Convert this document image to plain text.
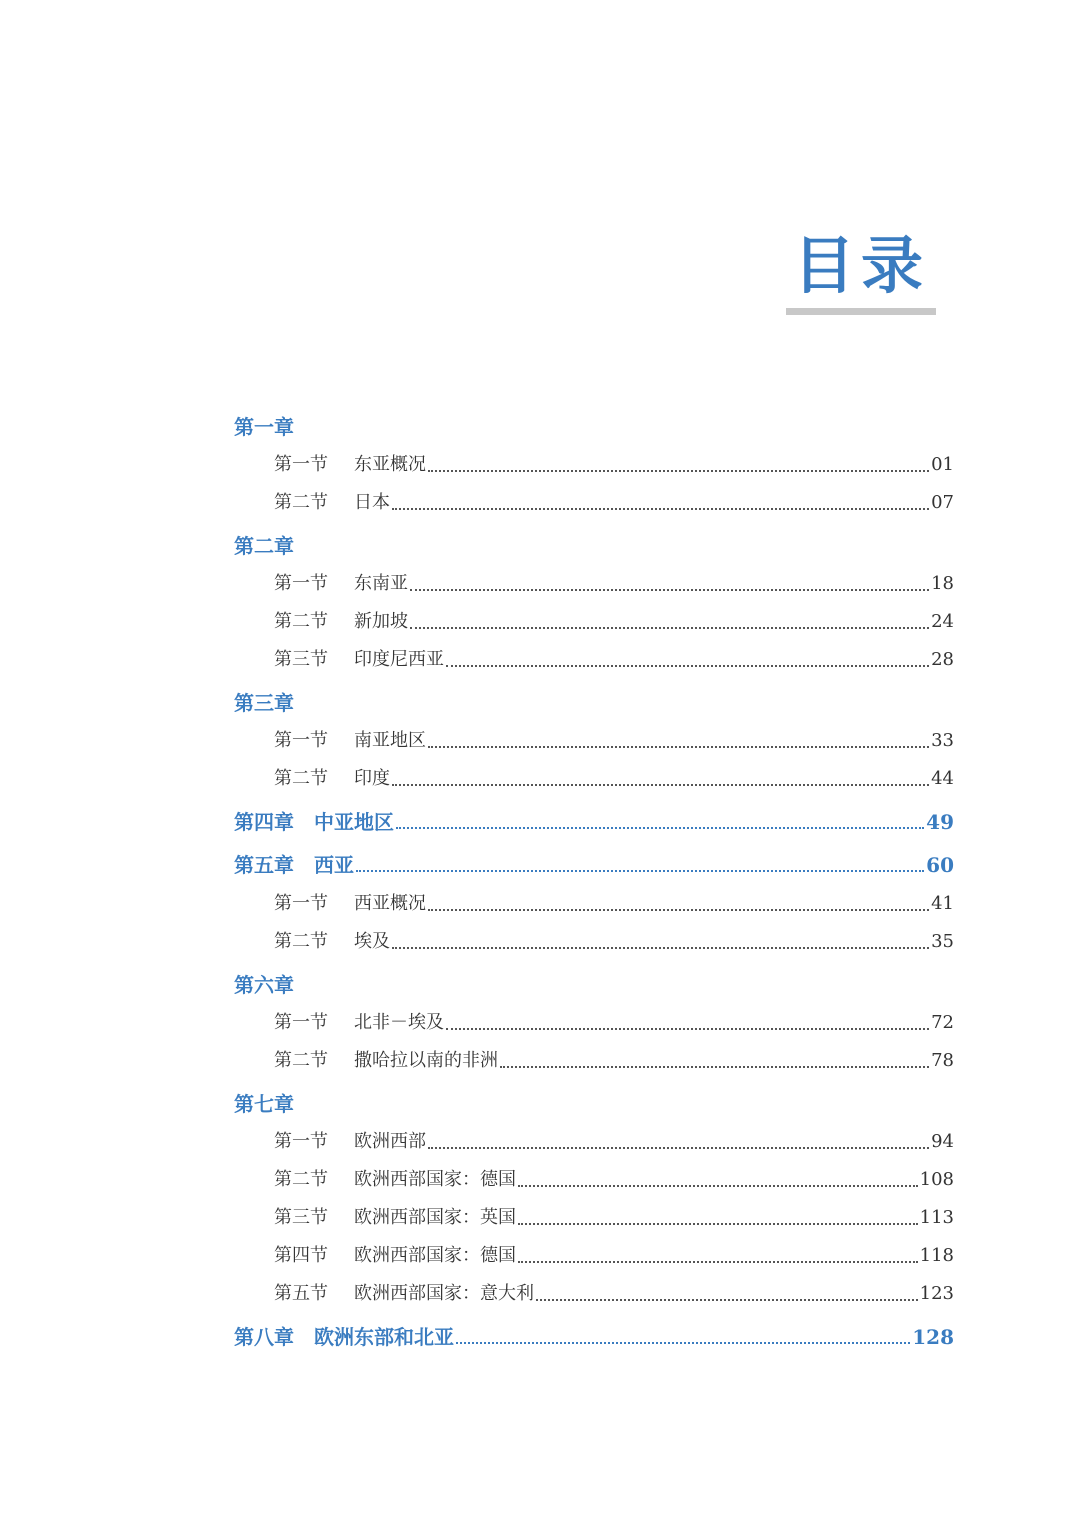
目录
第一章
第一节	东亚概况	01
第二节	日本	07
第二章
第一节	东南亚	18
第二节	新加坡	24
第三节	印度尼西亚	28
第三章
第一节	南亚地区	33
第二节	印度	44
第四章	中亚地区	49
第五章	西亚	60
第一节	西亚概况	41
第二节	埃及	35
第六章
第一节	北非－埃及	72
第二节	撒哈拉以南的非洲	78
第七章
第一节	欧洲西部	94
第二节	欧洲西部国家：德国	108
第三节	欧洲西部国家：英国	113
第四节	欧洲西部国家：德国	118
第五节	欧洲西部国家：意大利	123
第八章	欧洲东部和北亚	128
